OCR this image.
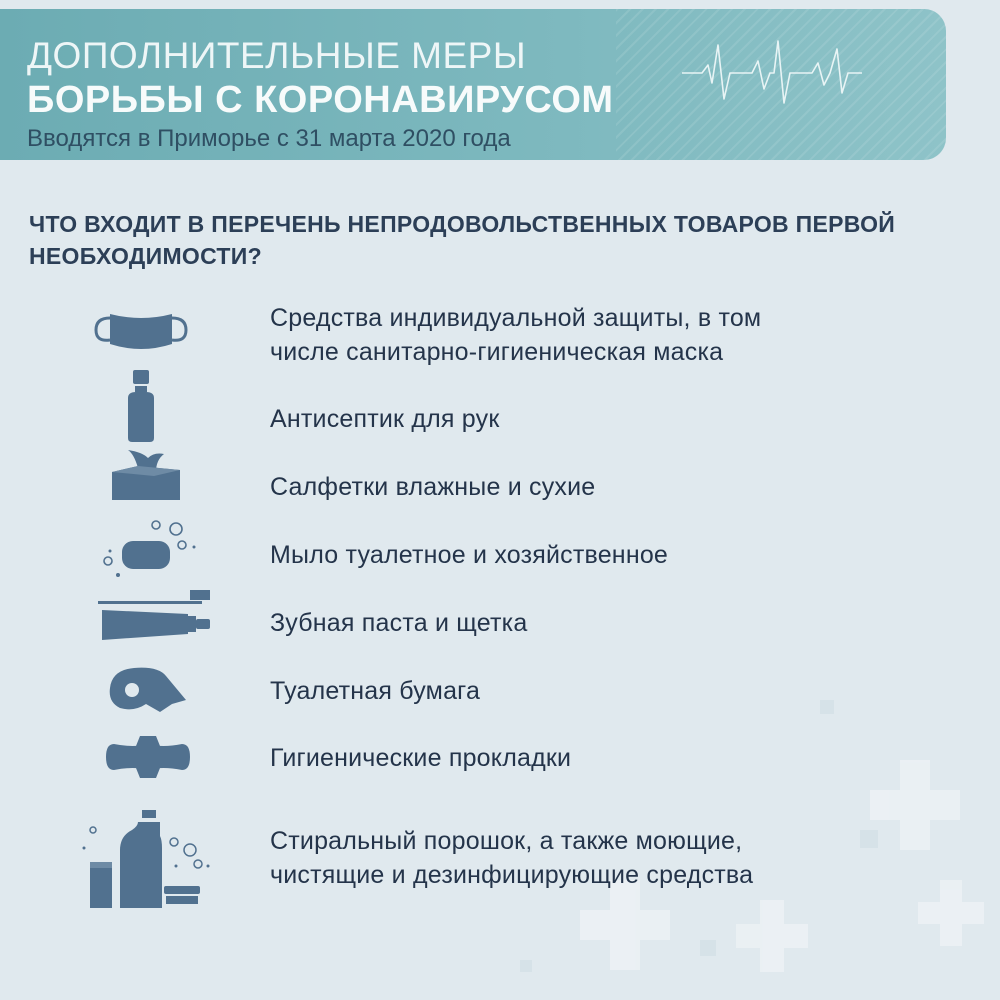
ДОПОЛНИТЕЛЬНЫЕ МЕРЫ
БОРЬБЫ С КОРОНАВИРУСОМ
Вводятся в Приморье с 31 марта 2020 года
ЧТО ВХОДИТ В ПЕРЕЧЕНЬ НЕПРОДОВОЛЬСТВЕННЫХ ТОВАРОВ ПЕРВОЙ НЕОБХОДИМОСТИ?
Средства индивидуальной защиты, в том
числе санитарно-гигиеническая маска
Антисептик для рук
Салфетки влажные и сухие
Мыло туалетное и хозяйственное
Зубная паста и щетка
Туалетная бумага
Гигиенические прокладки
Стиральный порошок, а также моющие,
чистящие и дезинфицирующие средства
